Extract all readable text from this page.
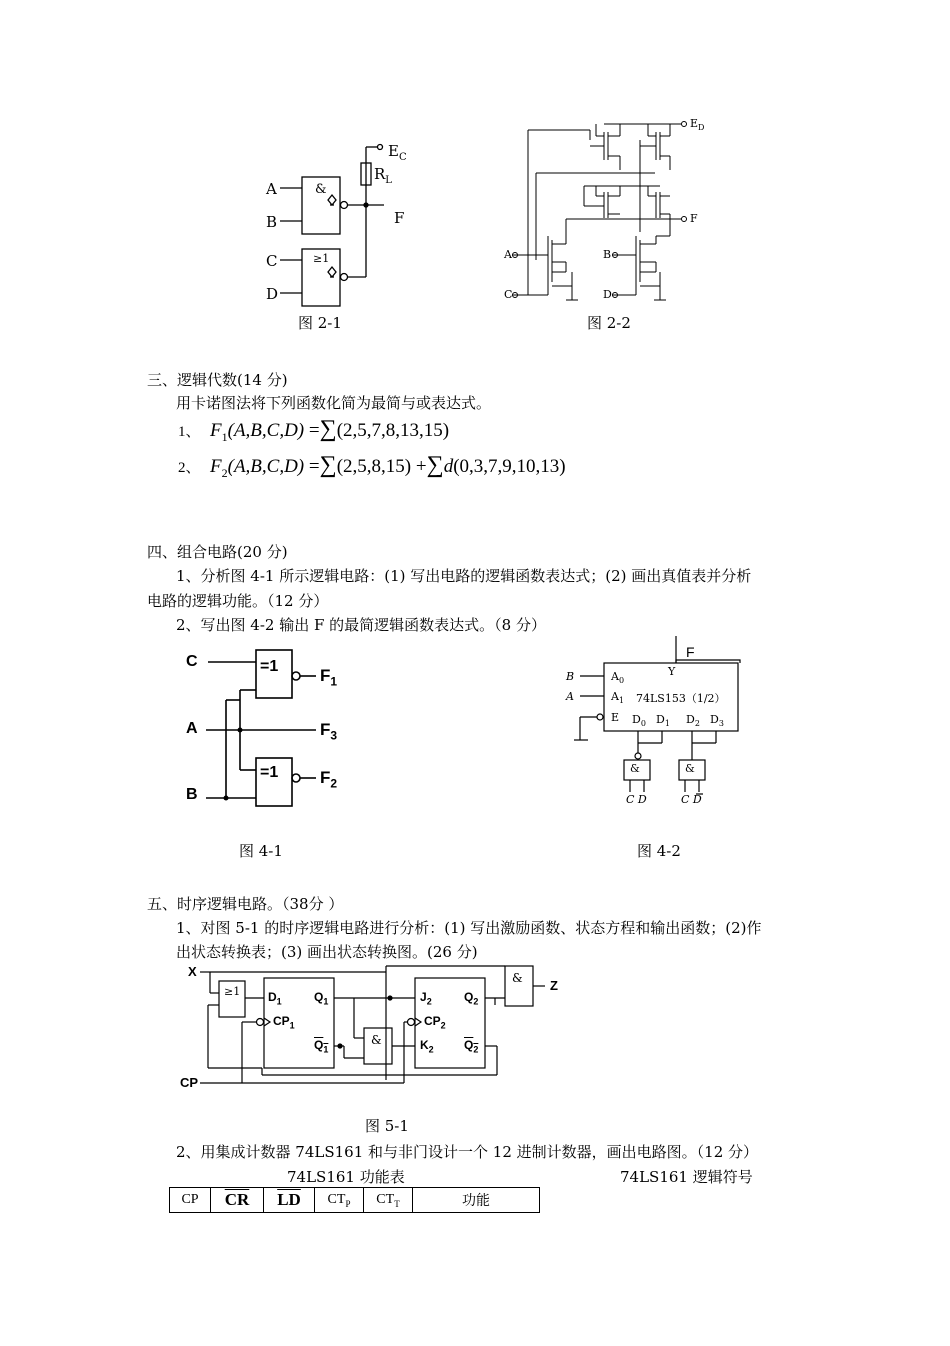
A
B
C
D
&
≥1
$E_C$
$R_L$
F
图 2-1
A
C
B
D
$E_D$
F
图 2-2
三、逻辑代数(14 分)
用卡诺图法将下列函数化简为最简与或表达式。
1、 $F_1(A,B,C,D) =\sum(2,5,7,8,13,15)$
2、 $F_2(A,B,C,D) =\sum(2,5,8,15) +\sum d(0,3,7,9,10,13)$
四、组合电路(20 分)
1、分析图 4-1 所示逻辑电路：(1) 写出电路的逻辑函数表达式；(2) 画出真值表并分析
电路的逻辑功能。（12 分）
2、写出图 4-2 输出 F 的最简逻辑函数表达式。（8 分）
C
A
B
=1
=1
$F_1$
$F_3$
$F_2$
图 4-1
F
Y
B
A
$A_0$
$A_1$ 74LS153（1/2）
E $D_0$ $D_1$ $D_2$ $D_3$
&	&
C D	C D
图 4-2
五、时序逻辑电路。（38分 ）
1、对图 5-1 的时序逻辑电路进行分析：(1) 写出激励函数、状态方程和输出函数；(2)作
出状态转换表；(3) 画出状态转换图。(26 分)
X
CP
Z
≥1
&
&
$D_1$	$Q_1$
$CP_1$
$Q_1$
$J_2$	$Q_2$
$CP_2$
$K_2$	$Q_2$
图 5-1
2、用集成计数器 74LS161 和与非门设计一个 12 进制计数器，画出电路图。（12 分）
74LS161 功能表	74LS161 逻辑符号
CP	$\overline{CR}$	$\overline{LD}$	$CT_P$	$CT_T$	功能
